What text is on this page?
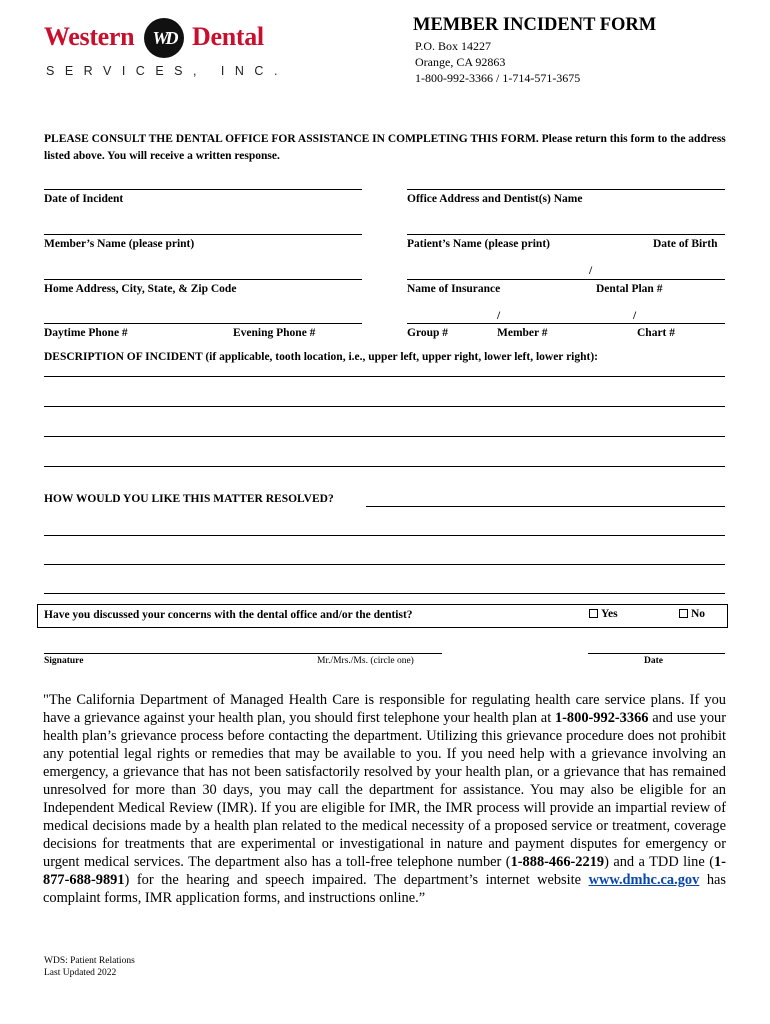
Western	WD Dental
SERVICES, INC.
MEMBER INCIDENT FORM
P.O. Box 14227
Orange, CA 92863
1-800-992-3366 / 1-714-571-3675
PLEASE CONSULT THE DENTAL OFFICE FOR ASSISTANCE IN COMPLETING THIS FORM. Please return this form to the address listed above. You will receive a written response.
Date of Incident	Office Address and Dentist(s) Name
Member’s Name (please print)	Patient’s Name (please print)	Date of Birth
/
Home Address, City, State, & Zip Code	Name of Insurance	Dental Plan #
/	/
Daytime Phone #	Evening Phone #	Group #	Member #	Chart #
DESCRIPTION OF INCIDENT (if applicable, tooth location, i.e., upper left, upper right, lower left, lower right):
HOW WOULD YOU LIKE THIS MATTER RESOLVED?
Have you discussed your concerns with the dental office and/or the dentist?	Yes	No
Signature	Mr./Mrs./Ms. (circle one)	Date
"The California Department of Managed Health Care is responsible for regulating health care service plans. If you have a grievance against your health plan, you should first telephone your health plan at 1-800-992-3366 and use your health plan’s grievance process before contacting the department. Utilizing this grievance procedure does not prohibit any potential legal rights or remedies that may be available to you. If you need help with a grievance involving an emergency, a grievance that has not been satisfactorily resolved by your health plan, or a grievance that has remained unresolved for more than 30 days, you may call the department for assistance. You may also be eligible for an Independent Medical Review (IMR). If you are eligible for IMR, the IMR process will provide an impartial review of medical decisions made by a health plan related to the medical necessity of a proposed service or treatment, coverage decisions for treatments that are experimental or investigational in nature and payment disputes for emergency or urgent medical services. The department also has a toll-free telephone number (1-888-466-2219) and a TDD line (1-877-688-9891) for the hearing and speech impaired. The department’s internet website www.dmhc.ca.gov has complaint forms, IMR application forms, and instructions online.”
WDS: Patient Relations
Last Updated 2022
